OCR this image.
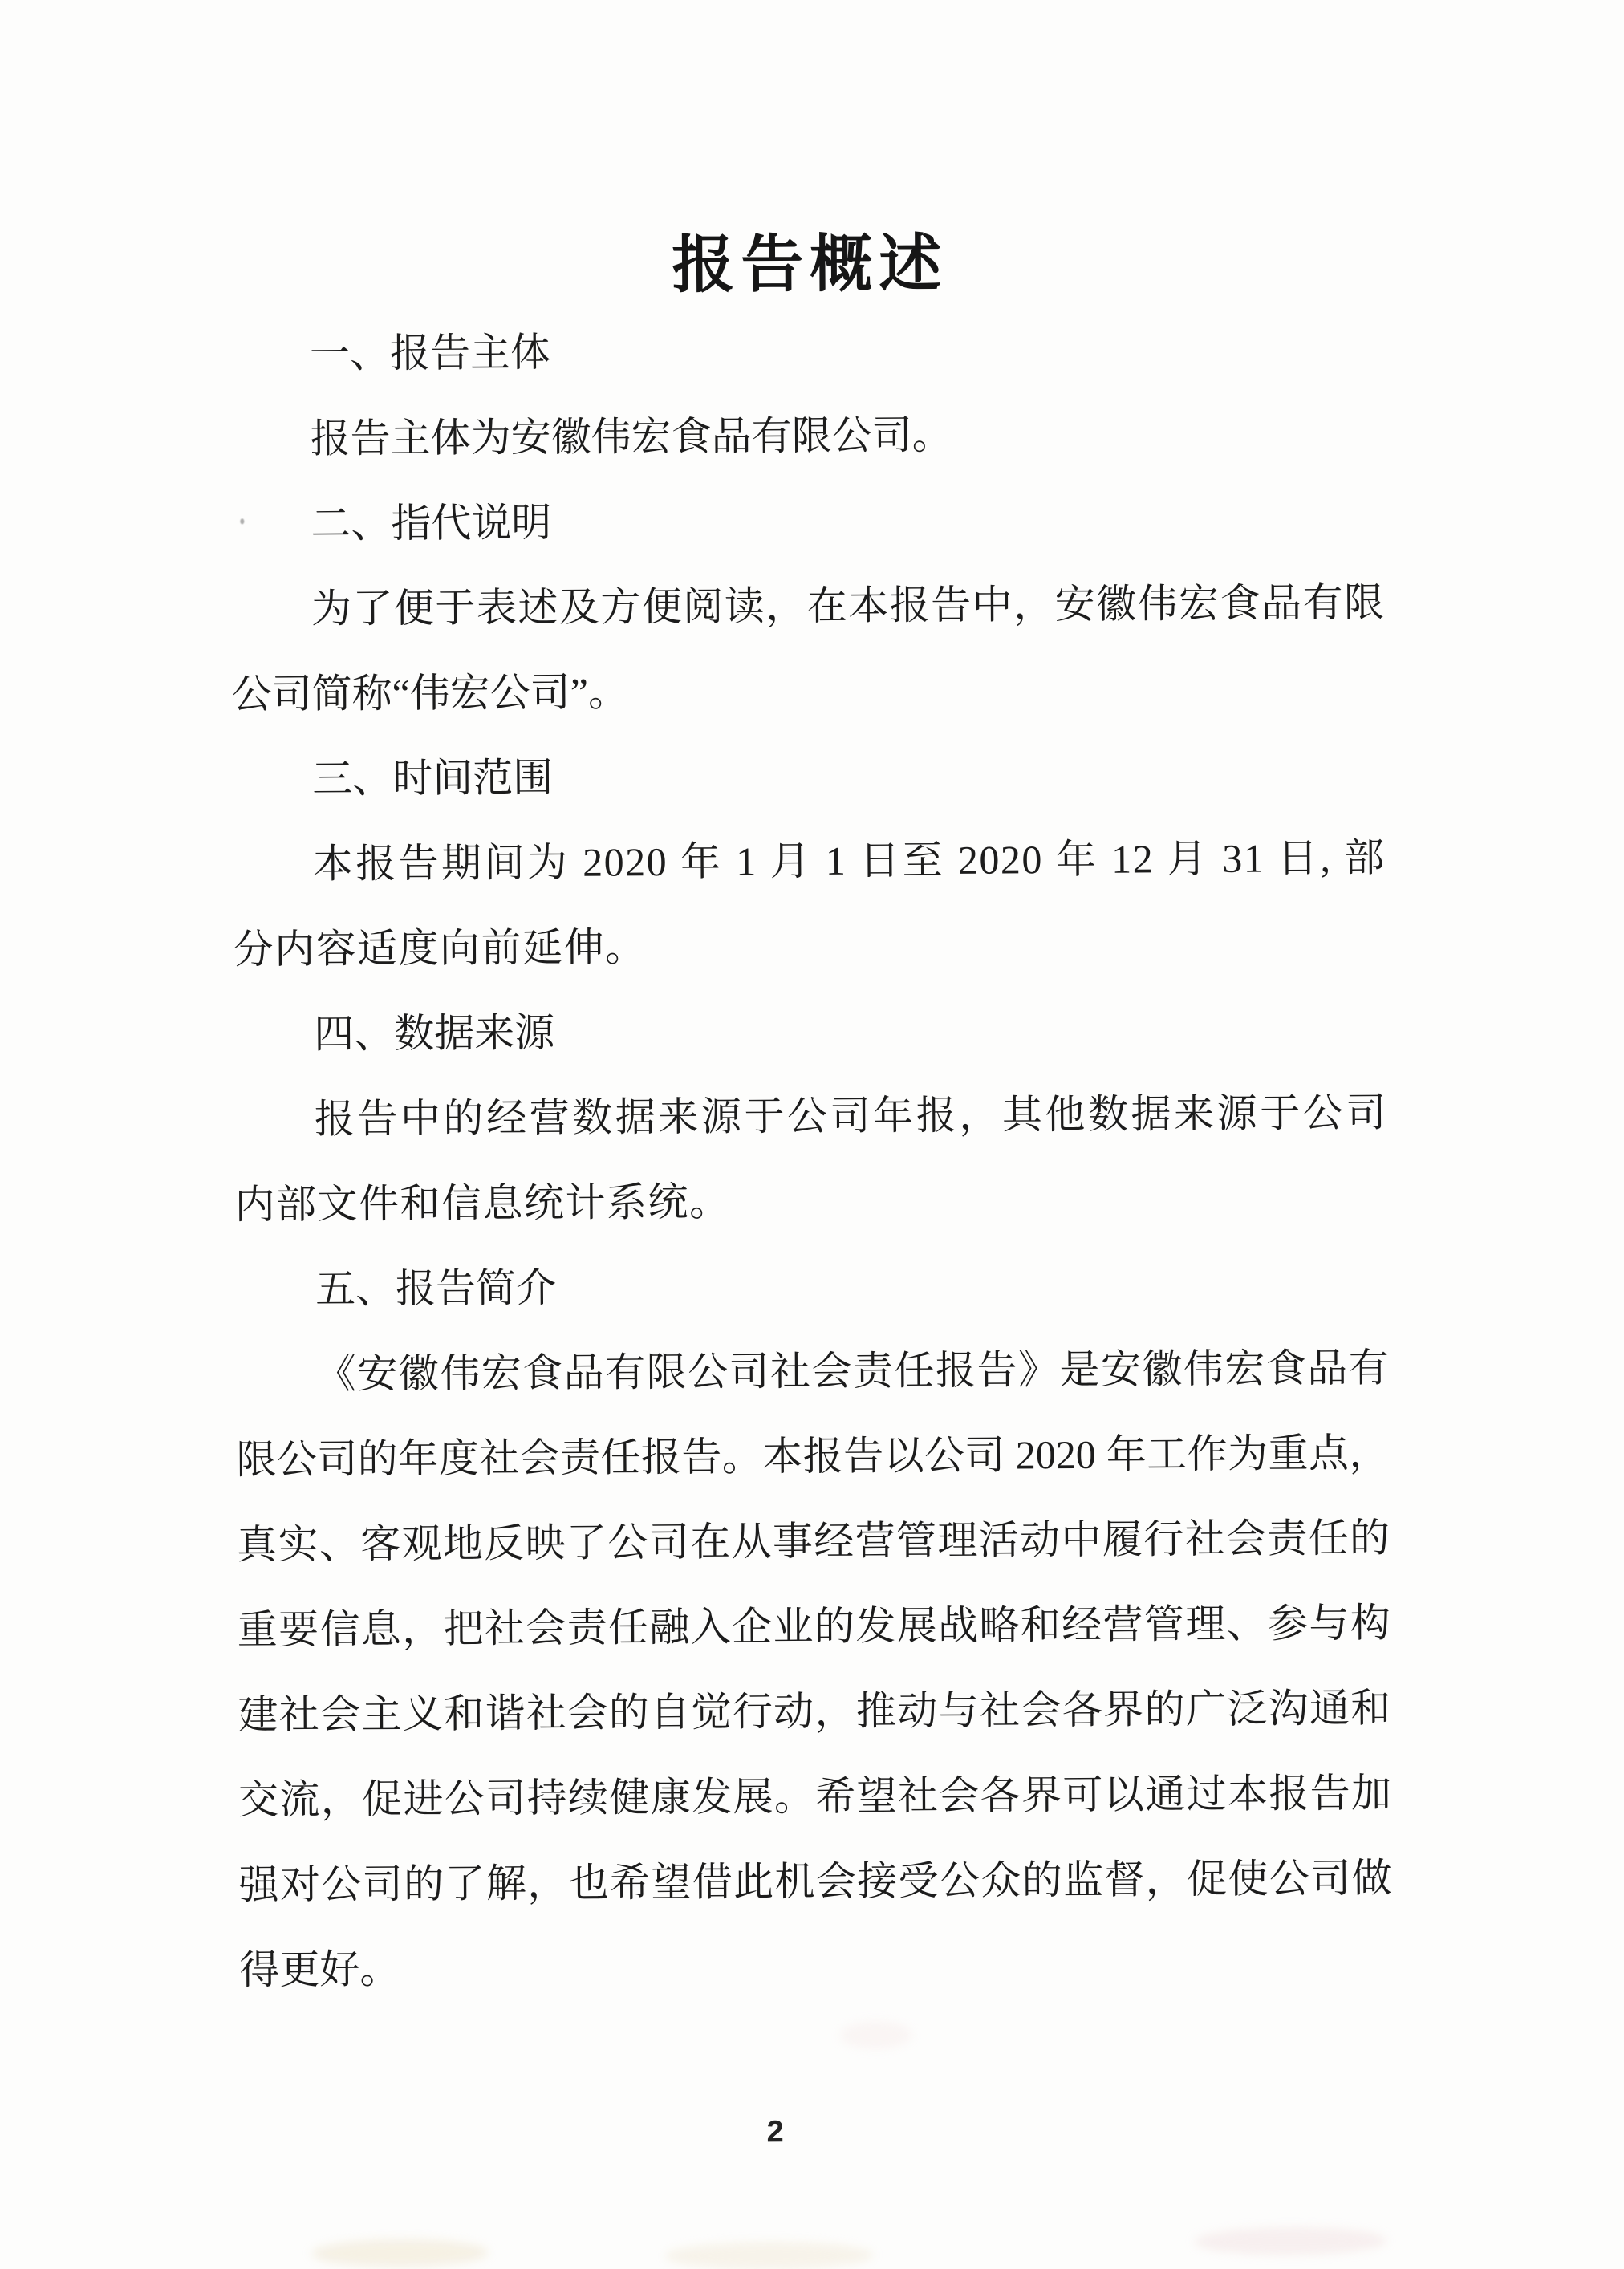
报告概述
一、报告主体

报告主体为安徽伟宏食品有限公司。

二、指代说明

为了便于表述及方便阅读，在本报告中，安徽伟宏食品有限公司简称“伟宏公司”。

三、时间范围

本报告期间为 2020 年 1 月 1 日至 2020 年 12 月 31 日, 部分内容适度向前延伸。

四、数据来源

报告中的经营数据来源于公司年报，其他数据来源于公司内部文件和信息统计系统。

五、报告简介

《安徽伟宏食品有限公司社会责任报告》是安徽伟宏食品有限公司的年度社会责任报告。本报告以公司 2020 年工作为重点，真实、客观地反映了公司在从事经营管理活动中履行社会责任的重要信息，把社会责任融入企业的发展战略和经营管理、参与构建社会主义和谐社会的自觉行动，推动与社会各界的广泛沟通和交流，促进公司持续健康发展。希望社会各界可以通过本报告加强对公司的了解，也希望借此机会接受公众的监督，促使公司做得更好。

2
